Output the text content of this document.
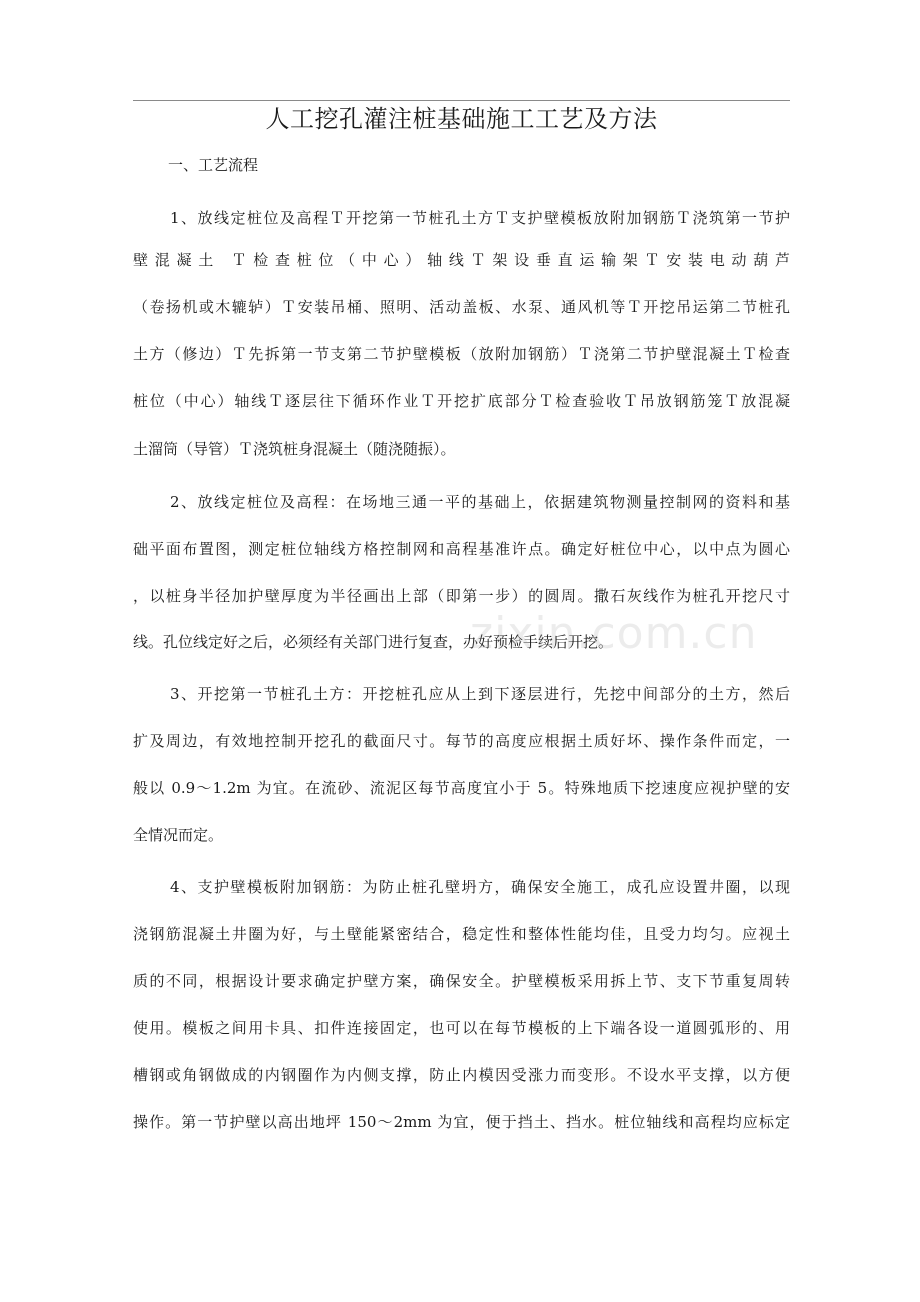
人工挖孔灌注桩基础施工工艺及方法

一、工艺流程

1、放线定桩位及高程Ｔ开挖第一节桩孔土方Ｔ支护壁模板放附加钢筋Ｔ浇筑第一节护

壁混凝土 Ｔ检查桩位（中心）轴线Ｔ架设垂直运输架Ｔ安装电动葫芦

（卷扬机或木辘轳）Ｔ安装吊桶、照明、活动盖板、水泵、通风机等Ｔ开挖吊运第二节桩孔

土方（修边）Ｔ先拆第一节支第二节护壁模板（放附加钢筋）Ｔ浇第二节护壁混凝土Ｔ检查

桩位（中心）轴线Ｔ逐层往下循环作业Ｔ开挖扩底部分Ｔ检查验收Ｔ吊放钢筋笼Ｔ放混凝

土溜筒（导管）Ｔ浇筑桩身混凝土（随浇随振）。

2、放线定桩位及高程：在场地三通一平的基础上，依据建筑物测量控制网的资料和基

础平面布置图，测定桩位轴线方格控制网和高程基准许点。确定好桩位中心，以中点为圆心

，以桩身半径加护壁厚度为半径画出上部（即第一步）的圆周。撒石灰线作为桩孔开挖尺寸

线。孔位线定好之后，必须经有关部门进行复查，办好预检手续后开挖。

3、开挖第一节桩孔土方：开挖桩孔应从上到下逐层进行，先挖中间部分的土方，然后

扩及周边，有效地控制开挖孔的截面尺寸。每节的高度应根据土质好坏、操作条件而定，一

般以 0.9～1.2m 为宜。在流砂、流泥区每节高度宜小于 5。特殊地质下挖速度应视护壁的安

全情况而定。

4、支护壁模板附加钢筋：为防止桩孔壁坍方，确保安全施工，成孔应设置井圈，以现

浇钢筋混凝土井圈为好，与土壁能紧密结合，稳定性和整体性能均佳，且受力均匀。应视土

质的不同，根据设计要求确定护壁方案，确保安全。护壁模板采用拆上节、支下节重复周转

使用。模板之间用卡具、扣件连接固定，也可以在每节模板的上下端各设一道圆弧形的、用

槽钢或角钢做成的内钢圈作为内侧支撑，防止内模因受涨力而变形。不设水平支撑，以方便

操作。第一节护壁以高出地坪 150～2mm 为宜，便于挡土、挡水。桩位轴线和高程均应标定

zixin.com.cn
